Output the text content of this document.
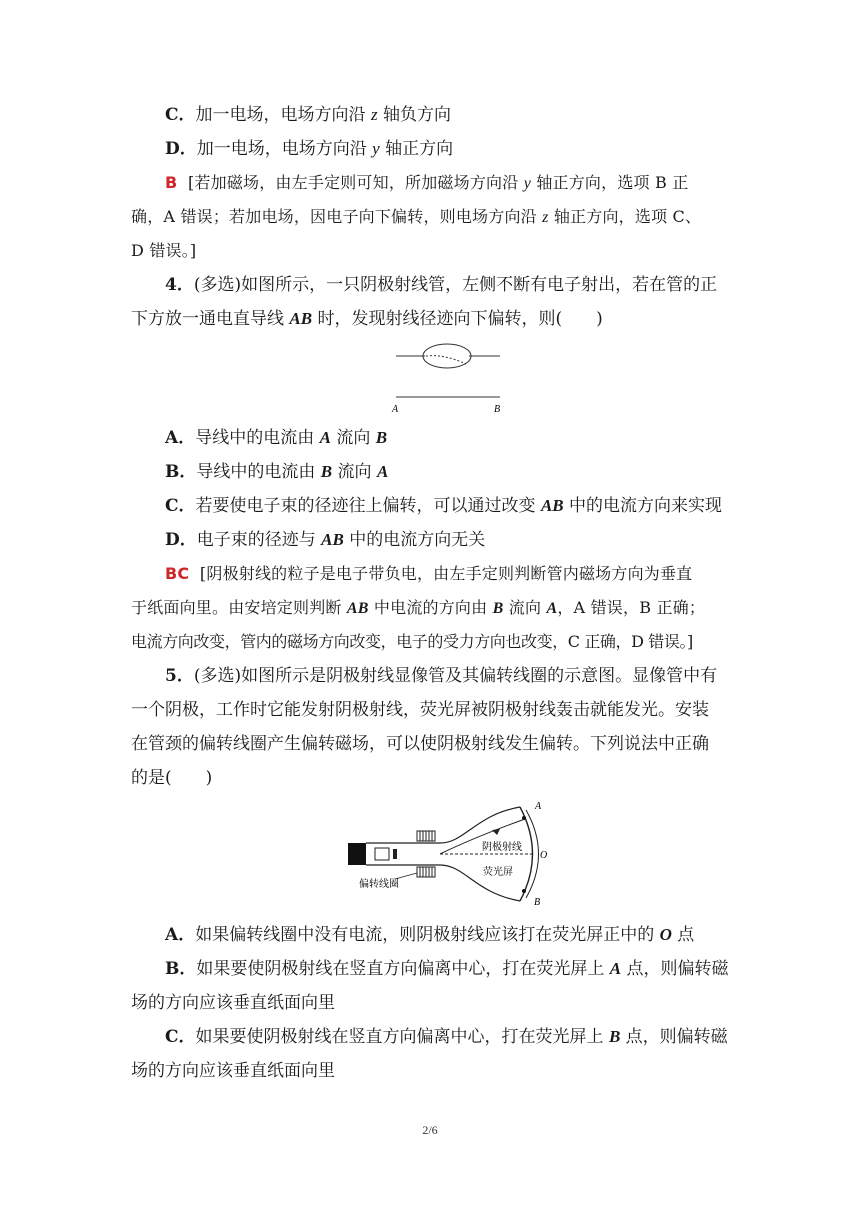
C．加一电场，电场方向沿 z 轴负方向
D．加一电场，电场方向沿 y 轴正方向
B [若加磁场，由左手定则可知，所加磁场方向沿 y 轴正方向，选项 B 正
确，A 错误；若加电场，因电子向下偏转，则电场方向沿 z 轴正方向，选项 C、
D 错误。]
4．(多选)如图所示，一只阴极射线管，左侧不断有电子射出，若在管的正
下方放一通电直导线 AB 时，发现射线径迹向下偏转，则(　　)
A	B
A．导线中的电流由 A 流向 B
B．导线中的电流由 B 流向 A
C．若要使电子束的径迹往上偏转，可以通过改变 AB 中的电流方向来实现
D．电子束的径迹与 AB 中的电流方向无关
BC [阴极射线的粒子是电子带负电，由左手定则判断管内磁场方向为垂直
于纸面向里。由安培定则判断 AB 中电流的方向由 B 流向 A，A 错误，B 正确；
电流方向改变，管内的磁场方向改变，电子的受力方向也改变，C 正确，D 错误。]
5．(多选)如图所示是阴极射线显像管及其偏转线圈的示意图。显像管中有
一个阴极，工作时它能发射阴极射线，荧光屏被阴极射线轰击就能发光。安装
在管颈的偏转线圈产生偏转磁场，可以使阴极射线发生偏转。下列说法中正确
的是(　　)
A
B
O
阴极射线
荧光屏
偏转线圈
A．如果偏转线圈中没有电流，则阴极射线应该打在荧光屏正中的 O 点
B．如果要使阴极射线在竖直方向偏离中心，打在荧光屏上 A 点，则偏转磁
场的方向应该垂直纸面向里
C．如果要使阴极射线在竖直方向偏离中心，打在荧光屏上 B 点，则偏转磁
场的方向应该垂直纸面向里
2/6
